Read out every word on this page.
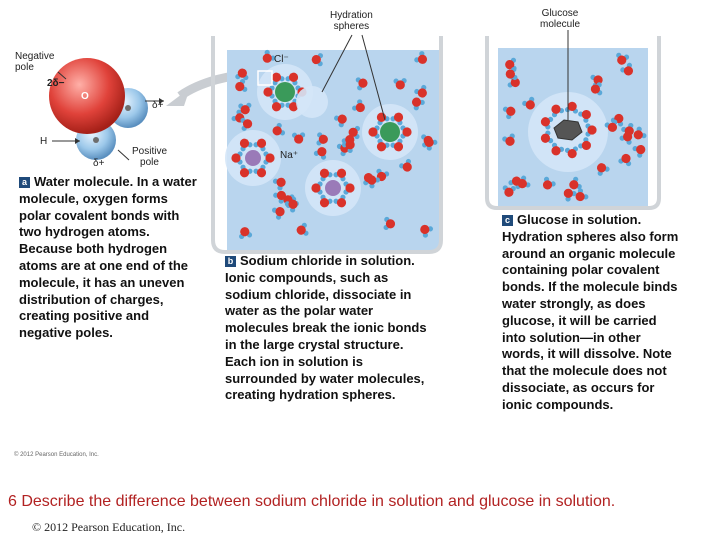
Negative
pole
2δ−
O
H
δ+
δ+
Positive
pole
Hydration
spheres
Cl⁻
Na⁺
Glucose
molecule
a Water molecule. In a water molecule, oxygen forms polar covalent bonds with two hydrogen atoms. Because both hydrogen atoms are at one end of the molecule, it has an uneven distribution of charges, creating positive and negative poles.
b Sodium chloride in solution. Ionic compounds, such as sodium chloride, dissociate in water as the polar water molecules break the ionic bonds in the large crystal structure. Each ion in solution is surrounded by water molecules, creating hydration spheres.
c Glucose in solution. Hydration spheres also form around an organic molecule containing polar covalent bonds. If the molecule binds water strongly, as does glucose, it will be carried into solution—in other words, it will dissolve. Note that the molecule does not dissociate, as occurs for ionic compounds.
© 2012 Pearson Education, Inc.
6 Describe the difference between sodium chloride in solution and glucose in solution.
© 2012 Pearson Education, Inc.
